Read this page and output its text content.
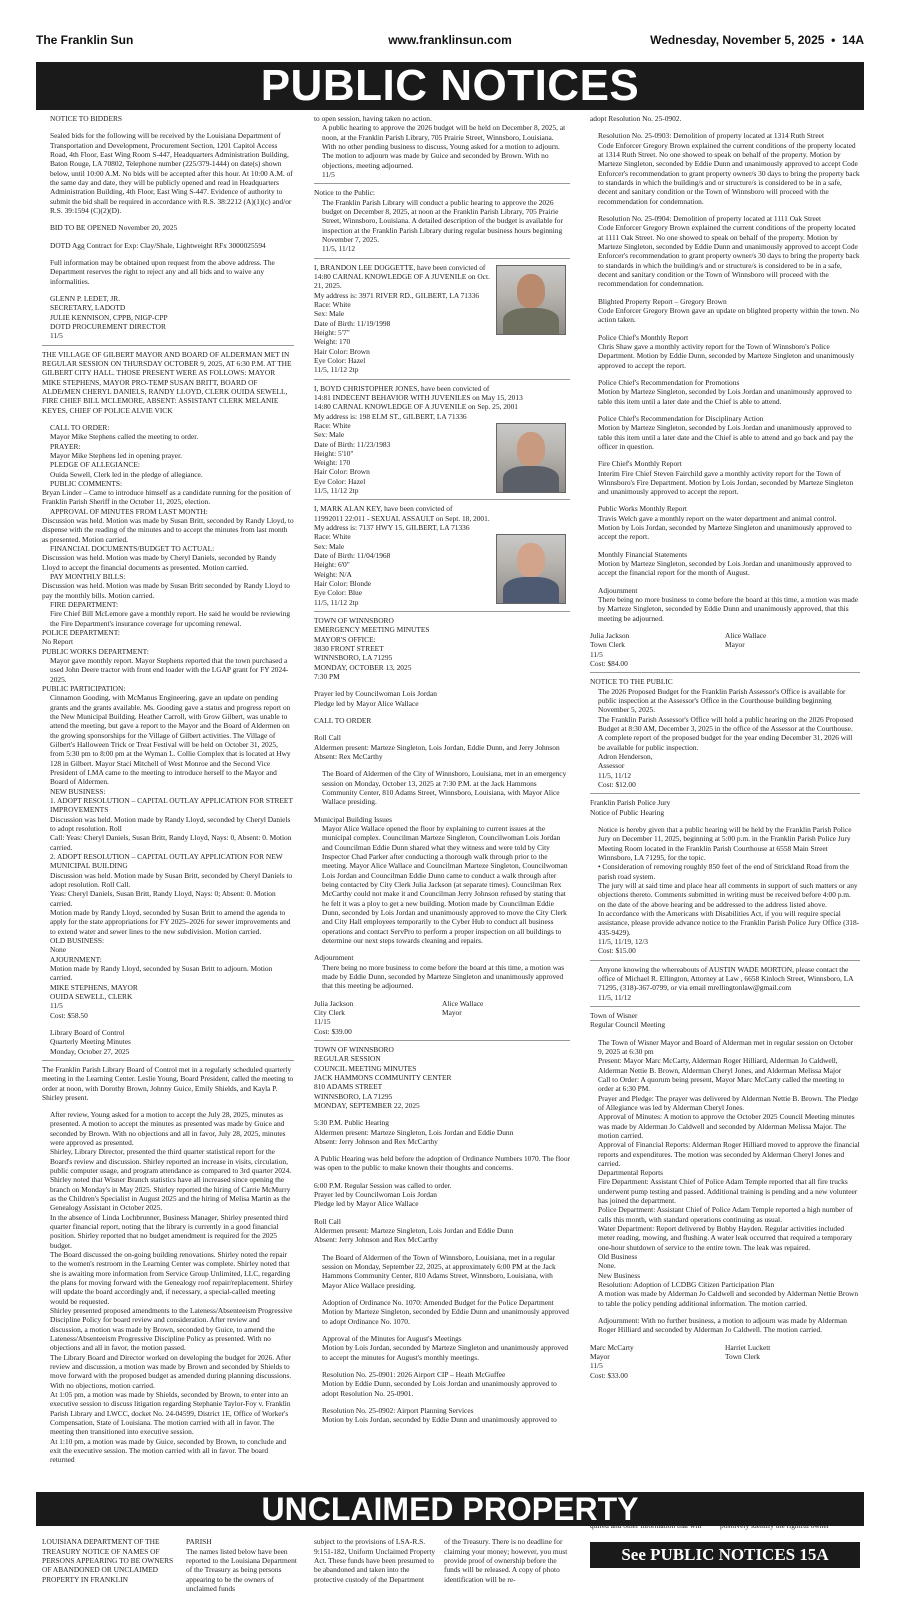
The Franklin Sun	www.franklinsun.com	Wednesday, November 5, 2025 • 14A
PUBLIC NOTICES

NOTICE TO BIDDERS

Sealed bids for the following will be received by the Louisiana Department of Transportation and Development, Procurement Section, 1201 Capitol Access Road, 4th Floor, East Wing Room S-447, Headquarters Administration Building, Baton Rouge, LA 70802, Telephone number (225/379-1444) on date(s) shown below, until 10:00 A.M. No bids will be accepted after this hour. At 10:00 A.M. of the same day and date, they will be publicly opened and read in Headquarters Administration Building, 4th Floor, East Wing S-447. Evidence of authority to submit the bid shall be required in accordance with R.S. 38:2212 (A)(1)(c) and/or R.S. 39:1594 (C)(2)(D).

BID TO BE OPENED November 20, 2025

DOTD Agg Contract for Exp: Clay/Shale, Lightweight RFx 3000025594

Full information may be obtained upon request from the above address. The Department reserves the right to reject any and all bids and to waive any informalities.

GLENN P. LEDET, JR.
SECRETARY, LADOTD
JULIE KENNISON, CPPB, NIGP-CPP
DOTD PROCUREMENT DIRECTOR
11/5

THE VILLAGE OF GILBERT MAYOR AND BOARD OF ALDERMAN MET IN REGULAR SESSION ON THURSDAY OCTOBER 9, 2025, AT 6:30 P.M. AT THE GILBERT CITY HALL. THOSE PRESENT WERE AS FOLLOWS: MAYOR MIKE STEPHENS, MAYOR PRO-TEMP SUSAN BRITT, BOARD OF ALDErMEN CHERYL DANIELS, RANDY LLOYD, CLERK OUIDA SEWELL, FIRE CHIEF BILL MCLEMORE, ABSENT: ASSISTANT CLERK MELANIE KEYES, CHIEF OF POLICE ALVIE VICK

CALL TO ORDER:
Mayor Mike Stephens called the meeting to order.
PRAYER:
Mayor Mike Stephens led in opening prayer.
PLEDGE OF ALLEGIANCE:
Ouida Sewell, Clerk led in the pledge of allegiance.
PUBLIC COMMENTS:

Bryan Linder – Came to introduce himself as a candidate running for the position of Franklin Parish Sheriff in the October 11, 2025, election.

APPROVAL OF MINUTES FROM LAST MONTH:

Discussion was held. Motion was made by Susan Britt, seconded by Randy Lloyd, to dispense with the reading of the minutes and to accept the minutes from last month as presented. Motion carried.

FINANCIAL DOCUMENTS/BUDGET TO ACTUAL:

Discussion was held. Motion was made by Cheryl Daniels, seconded by Randy Lloyd to accept the financial documents as presented. Motion carried.

PAY MONTHLY BILLS:

Discussion was held. Motion was made by Susan Britt seconded by Randy Lloyd to pay the monthly bills. Motion carried.

FIRE DEPARTMENT:

Fire Chief Bill McLemore gave a monthly report. He said he would be reviewing the Fire Department's insurance coverage for upcoming renewal.

POLICE DEPARTMENT:
No Report
PUBLIC WORKS DEPARTMENT:

Mayor gave monthly report. Mayor Stephens reported that the town purchased a used John Deere tractor with front end loader with the LGAP grant for FY 2024-2025.

PUBLIC PARTICIPATION:

Cinnamon Gooding, with McManus Engineering, gave an update on pending grants and the grants available. Ms. Gooding gave a status and progress report on the New Municipal Building. Heather Carroll, with Grow Gilbert, was unable to attend the meeting, but gave a report to the Mayor and the Board of Aldermen on the growing sponsorships for the Village of Gilbert activities. The Village of Gilbert's Halloween Trick or Treat Festival will be held on October 31, 2025, from 5:30 pm to 8:00 pm at the Wyman L. Collie Complex that is located at Hwy 128 in Gilbert. Mayor Staci Mitchell of West Monroe and the Second Vice President of LMA came to the meeting to introduce herself to the Mayor and Board of Aldermen.

NEW BUSINESS:

1. ADOPT RESOLUTION – CAPITAL OUTLAY APPLICATION FOR STREET IMPROVEMENTS

Discussion was held. Motion made by Randy Lloyd, seconded by Cheryl Daniels to adopt resolution. Roll

Call: Yeas: Cheryl Daniels, Susan Britt, Randy Lloyd, Nays: 0, Absent: 0. Motion carried.

2. ADOPT RESOLUTION – CAPITAL OUTLAY APPLICATION FOR NEW MUNICIPAL BUILDING

Discussion was held. Motion made by Susan Britt, seconded by Cheryl Daniels to adopt resolution. Roll Call.

Yeas: Cheryl Daniels, Susan Britt, Randy Lloyd, Nays: 0; Absent: 0. Motion carried.

Motion made by Randy Lloyd, seconded by Susan Britt to amend the agenda to apply for the state appropriations for FY 2025–2026 for sewer improvements and to extend water and sewer lines to the new subdivision. Motion carried.

OLD BUSINESS:
None
AJOURNMENT:

Motion made by Randy Lloyd, seconded by Susan Britt to adjourn. Motion carried.

MIKE STEPHENS, MAYOR
OUIDA SEWELL, CLERK
11/5
Cost: $58.50

Library Board of Control
Quarterly Meeting Minutes
Monday, October 27, 2025

The Franklin Parish Library Board of Control met in a regularly scheduled quarterly meeting in the Learning Center. Leslie Young, Board President, called the meeting to order at noon, with Dorothy Brown, Johnny Guice, Emily Shields, and Kayla P. Shirley present.

After review, Young asked for a motion to accept the July 28, 2025, minutes as presented. A motion to accept the minutes as presented was made by Guice and seconded by Brown. With no objections and all in favor, July 28, 2025, minutes were approved as presented.

Shirley, Library Director, presented the third quarter statistical report for the Board's review and discussion. Shirley reported an increase in visits, circulation, public computer usage, and program attendance as compared to 3rd quarter 2024. Shirley noted that Wisner Branch statistics have all increased since opening the branch on Monday's in May 2025. Shirley reported the hiring of Carrie McMurry as the Children's Specialist in August 2025 and the hiring of Melisa Martin as the Genealogy Assistant in October 2025.

In the absence of Linda Lochbrunner, Business Manager, Shirley presented third quarter financial report, noting that the library is currently in a good financial position. Shirley reported that no budget amendment is required for the 2025 budget.

The Board discussed the on-going building renovations. Shirley noted the repair to the women's restroom in the Learning Center was complete. Shirley noted that she is awaiting more information from Service Group Unlimited, LLC, regarding the plans for moving forward with the Genealogy roof repair/replacement. Shirley will update the board accordingly and, if necessary, a special-called meeting would be requested.

Shirley presented proposed amendments to the Lateness/Absenteeism Progressive Discipline Policy for board review and consideration. After review and discussion, a motion was made by Brown, seconded by Guice, to amend the Lateness/Absenteeism Progressive Discipline Policy as presented. With no objections and all in favor, the motion passed.

The Library Board and Director worked on developing the budget for 2026. After review and discussion, a motion was made by Brown and seconded by Shields to move forward with the proposed budget as amended during planning discussions. With no objections, motion carried.

At 1:05 pm, a motion was made by Shields, seconded by Brown, to enter into an executive session to discuss litigation regarding Stephanie Taylor-Foy v. Franklin Parish Library and LWCC, docket No. 24-04599, District 1E, Office of Worker's Compensation, State of Louisiana. The motion carried with all in favor. The meeting then transitioned into executive session.

At 1:10 pm, a motion was made by Guice, seconded by Brown, to conclude and exit the executive session. The motion carried with all in favor. The board returned

to open session, having taken no action.

A public hearing to approve the 2026 budget will be held on December 8, 2025, at noon, at the Franklin Parish Library, 705 Prairie Street, Winnsboro, Louisiana.

With no other pending business to discuss, Young asked for a motion to adjourn. The motion to adjourn was made by Guice and seconded by Brown. With no objections, meeting adjourned.

11/5

Notice to the Public:

The Franklin Parish Library will conduct a public hearing to approve the 2026 budget on December 8, 2025, at noon at the Franklin Parish Library, 705 Prairie Street, Winnsboro, Louisiana. A detailed description of the budget is available for inspection at the Franklin Parish Library during regular business hours beginning November 7, 2025.

11/5, 11/12

I, BRANDON LEE DOGGETTE, have been convicted of

14:80 CARNAL KNOWLEDGE OF A JUVENILE on Oct. 21, 2025.

My address is: 3971 RIVER RD., GILBERT, LA 71336

Race: White

Sex: Male

Date of Birth: 11/19/1998

Height: 5'7"

Weight: 170

Hair Color: Brown

Eye Color: Hazel

11/5, 11/12 2tp

I, BOYD CHRISTOPHER JONES, have been convicted of

14:81 INDECENT BEHAVIOR WITH JUVENILES on May 15, 2013

14:80 CARNAL KNOWLEDGE OF A JUVENILE on Sep. 25, 2001

My address is: 198 ELM ST., GILBERT, LA 71336

Race: White

Sex: Male

Date of Birth: 11/23/1983

Height: 5'10"

Weight: 170

Hair Color: Brown

Eye Color: Hazel

11/5, 11/12 2tp

I, MARK ALAN KEY, have been convicted of

11992011 22:011 - SEXUAL ASSAULT on Sept. 18, 2001.

My address is: 7137 HWY 15, GILBERT, LA 71336

Race: White

Sex: Male

Date of Birth: 11/04/1968

Height: 6'0"

Weight: N/A

Hair Color: Blonde

Eye Color: Blue

11/5, 11/12 2tp

TOWN OF WINNSBORO
EMERGENCY MEETING MINUTES
MAYOR'S OFFICE:
3830 FRONT STREET
WINNSBORO, LA 71295
MONDAY, OCTOBER 13, 2025
7:30 PM

Prayer led by Councilwoman Lois Jordan
Pledge led by Mayor Alice Wallace

CALL TO ORDER

Roll Call
Aldermen present: Marteze Singleton, Lois Jordan, Eddie Dunn, and Jerry Johnson
Absent: Rex McCarthy

The Board of Aldermen of the City of Winnsboro, Louisiana, met in an emergency session on Monday, October 13, 2025 at 7:30 P.M. at the Jack Hammons Community Center, 810 Adams Street, Winnsboro, Louisiana, with Mayor Alice Wallace presiding.

Municipal Building Issues

Mayor Alice Wallace opened the floor by explaining to current issues at the municipal complex. Councilman Marteze Singleton, Councilwoman Lois Jordan and Councilman Eddie Dunn shared what they witness and were told by City Inspector Chad Parker after conducting a thorough walk through prior to the meeting. Mayor Alice Wallace and Councilman Marteze Singleton, Councilwoman Lois Jordan and Councilman Eddie Dunn came to conduct a walk through after being contacted by City Clerk Julia Jackson (at separate times). Councilman Rex McCarthy could not make it and Councilman Jerry Johnson refused by stating that he felt it was a ploy to get a new building. Motion made by Councilman Eddie Dunn, seconded by Lois Jordan and unanimously approved to move the City Clerk and City Hall employees temporarily to the Cyber Hub to conduct all business operations and contact ServPro to perform a proper inspection on all buildings to determine our next steps towards cleaning and repairs.

Adjournment

There being no more business to come before the board at this time, a motion was made by Eddie Dunn, seconded by Marteze Singleton and unanimously approved that this meeting be adjourned.

Julia Jackson

City Clerk

11/15

Cost: $39.00

Alice Wallace

Mayor

TOWN OF WINNSBORO
REGULAR SESSION
COUNCIL MEETING MINUTES
JACK HAMMONS COMMUNITY CENTER
810 ADAMS STREET
WINNSBORO, LA 71295
MONDAY, SEPTEMBER 22, 2025

5:30 P.M. Public Hearing
Aldermen present: Marteze Singleton, Lois Jordan and Eddie Dunn
Absent: Jerry Johnson and Rex McCarthy

A Public Hearing was held before the adoption of Ordinance Numbers 1070. The floor was open to the public to make known their thoughts and concerns.

6:00 P.M. Regular Session was called to order.
Prayer led by Councilwoman Lois Jordan
Pledge led by Mayor Alice Wallace

Roll Call
Aldermen present: Marteze Singleton, Lois Jordan and Eddie Dunn
Absent: Jerry Johnson and Rex McCarthy

The Board of Aldermen of the Town of Winnsboro, Louisiana, met in a regular session on Monday, September 22, 2025, at approximately 6:00 PM at the Jack Hammons Community Center, 810 Adams Street, Winnsboro, Louisiana, with Mayor Alice Wallace presiding.

Adoption of Ordinance No. 1070: Amended Budget for the Police Department
Motion by Marteze Singleton, seconded by Eddie Dunn and unanimously approved to adopt Ordinance No. 1070.

Approval of the Minutes for August's Meetings
Motion by Lois Jordan, seconded by Marteze Singleton and unanimously approved to accept the minutes for August's monthly meetings.

Resolution No. 25-0901: 2026 Airport CIP – Heath McGuffee
Motion by Eddie Dunn, seconded by Lois Jordan and unanimously approved to adopt Resolution No. 25-0901.

Resolution No. 25-0902: Airport Planning Services
Motion by Lois Jordan, seconded by Eddie Dunn and unanimously approved to

adopt Resolution No. 25-0902.

Resolution No. 25-0903: Demolition of property located at 1314 Ruth Street
Code Enforcer Gregory Brown explained the current conditions of the property located at 1314 Ruth Street. No one showed to speak on behalf of the property. Motion by Marteze Singleton, seconded by Eddie Dunn and unanimously approved to accept Code Enforcer's recommendation to grant property owner/s 30 days to bring the property back to standards in which the building/s and or structure/s is considered to be in a safe, decent and sanitary condition or the Town of Winnsboro will proceed with the recommendation for condemnation.

Resolution No. 25-0904: Demolition of property located at 1111 Oak Street
Code Enforcer Gregory Brown explained the current conditions of the property located at 1111 Oak Street. No one showed to speak on behalf of the property. Motion by Marteze Singleton, seconded by Eddie Dunn and unanimously approved to accept Code Enforcer's recommendation to grant property owner/s 30 days to bring the property back to standards in which the building/s and or structure/s is considered to be in a safe, decent and sanitary condition or the Town of Winnsboro will proceed with the recommendation for condemnation.

Blighted Property Report – Gregory Brown
Code Enforcer Gregory Brown gave an update on blighted property within the town. No action taken.

Police Chief's Monthly Report
Chris Shaw gave a monthly activity report for the Town of Winnsboro's Police Department. Motion by Eddie Dunn, seconded by Marteze Singleton and unanimously approved to accept the report.

Police Chief's Recommendation for Promotions
Motion by Marteze Singleton, seconded by Lois Jordan and unanimously approved to table this item until a later date and the Chief is able to attend.

Police Chief's Recommendation for Disciplinary Action
Motion by Marteze Singleton, seconded by Lois Jordan and unanimously approved to table this item until a later date and the Chief is able to attend and go back and pay the officer in question.

Fire Chief's Monthly Report
Interim Fire Chief Steven Fairchild gave a monthly activity report for the Town of Winnsboro's Fire Department. Motion by Lois Jordan, seconded by Marteze Singleton and unanimously approved to accept the report.

Public Works Monthly Report
Travis Welch gave a monthly report on the water department and animal control. Motion by Lois Jordan, seconded by Marteze Singleton and unanimously approved to accept the report.

Monthly Financial Statements
Motion by Marteze Singleton, seconded by Lois Jordan and unanimously approved to accept the financial report for the month of August.

Adjournment
There being no more business to come before the board at this time, a motion was made by Marteze Singleton, seconded by Eddie Dunn and unanimously approved, that this meeting be adjourned.

Julia Jackson

Town Clerk

11/5

Cost: $84.00

Alice Wallace

Mayor

NOTICE TO THE PUBLIC

The 2026 Proposed Budget for the Franklin Parish Assessor's Office is available for public inspection at the Assessor's Office in the Courthouse building beginning November 5, 2025.

The Franklin Parish Assessor's Office will hold a public hearing on the 2026 Proposed Budget at 8:30 AM, December 3, 2025 in the office of the Assessor at the Courthouse.

A complete report of the proposed budget for the year ending December 31, 2026 will be available for public inspection.

Adron Henderson,
Assessor
11/5, 11/12
Cost: $12.00

Franklin Parish Police Jury
Notice of Public Hearing

Notice is hereby given that a public hearing will be held by the Franklin Parish Police Jury on December 11, 2025, beginning at 5:00 p.m. in the Franklin Parish Police Jury Meeting Room located in the Franklin Parish Courthouse at 6558 Main Street Winnsboro, LA 71295, for the topic.

• Consideration of removing roughly 850 feet of the end of Strickland Road from the parish road system.

The jury will at said time and place hear all comments in support of such matters or any objections thereto. Comments submitted in writing must be received before 4:00 p.m. on the date of the above hearing and be addressed to the address listed above.

In accordance with the Americans with Disabilities Act, if you will require special assistance, please provide advance notice to the Franklin Parish Police Jury Office (318-435-9429).

11/5, 11/19, 12/3
Cost: $15.00

Anyone knowing the whereabouts of AUSTIN WADE MORTON, please contact the office of Michael R. Ellington, Attorney at Law , 6658 Kinloch Street, Winnsboro, LA 71295, (318)-367-0799, or via email mrellingtonlaw@gmail.com

11/5, 11/12

Town of Wisner
Regular Council Meeting

The Town of Wisner Mayor and Board of Alderman met in regular session on October 9, 2025 at 6:30 pm

Present: Mayor Marc McCarty, Alderman Roger Hilliard, Alderman Jo Caldwell, Alderman Nettie B. Brown, Alderman Cheryl Jones, and Alderman Melissa Major

Call to Order: A quorum being present, Mayor Marc McCarty called the meeting to order at 6:30 PM.

Prayer and Pledge: The prayer was delivered by Alderman Nettie B. Brown. The Pledge of Allegiance was led by Alderman Cheryl Jones.

Approval of Minutes: A motion to approve the October 2025 Council Meeting minutes was made by Alderman Jo Caldwell and seconded by Alderman Melissa Major. The motion carried.

Approval of Financial Reports: Alderman Roger Hilliard moved to approve the financial reports and expenditures. The motion was seconded by Alderman Cheryl Jones and carried.

Departmental Reports

Fire Department: Assistant Chief of Police Adam Temple reported that all fire trucks underwent pump testing and passed. Additional training is pending and a new volunteer has joined the department.

Police Department: Assistant Chief of Police Adam Temple reported a high number of calls this month, with standard operations continuing as usual.

Water Department: Report delivered by Bobby Hayden. Regular activities included meter reading, mowing, and flushing. A water leak occurred that required a temporary one-hour shutdown of service to the entire town. The leak was repaired.

Old Business
None.
New Business
Resolution: Adoption of LCDBG Citizen Participation Plan

A motion was made by Alderman Jo Caldwell and seconded by Alderman Nettie Brown to table the policy pending additional information. The motion carried.

Adjournment: With no further business, a motion to adjourn was made by Alderman Roger Hilliard and seconded by Alderman Jo Caldwell. The motion carried.

Marc McCarty

Mayor

11/5

Cost: $33.00

Harriet Luckett

Town Clerk

UNCLAIMED PROPERTY

LOUISIANA DEPARTMENT OF THE TREASURY NOTICE OF NAMES OF PERSONS APPEARING TO BE OWNERS OF ABANDONED OR UNCLAIMED PROPERTY IN FRANKLIN

PARISH
The names listed below have been reported to the Louisiana Department of the Treasury as being persons appearing to be the owners of unclaimed funds

subject to the provisions of LSA-R.S. 9:151-182, Uniform Unclaimed Property Act. These funds have been presumed to be abandoned and taken into the protective custody of the Department

of the Treasury. There is no deadline for claiming your money; however, you must provide proof of ownership before the funds will be released. A copy of photo identification will be re-

quired and other information that will	positively identify the rightful owner

See PUBLIC NOTICES 15A
